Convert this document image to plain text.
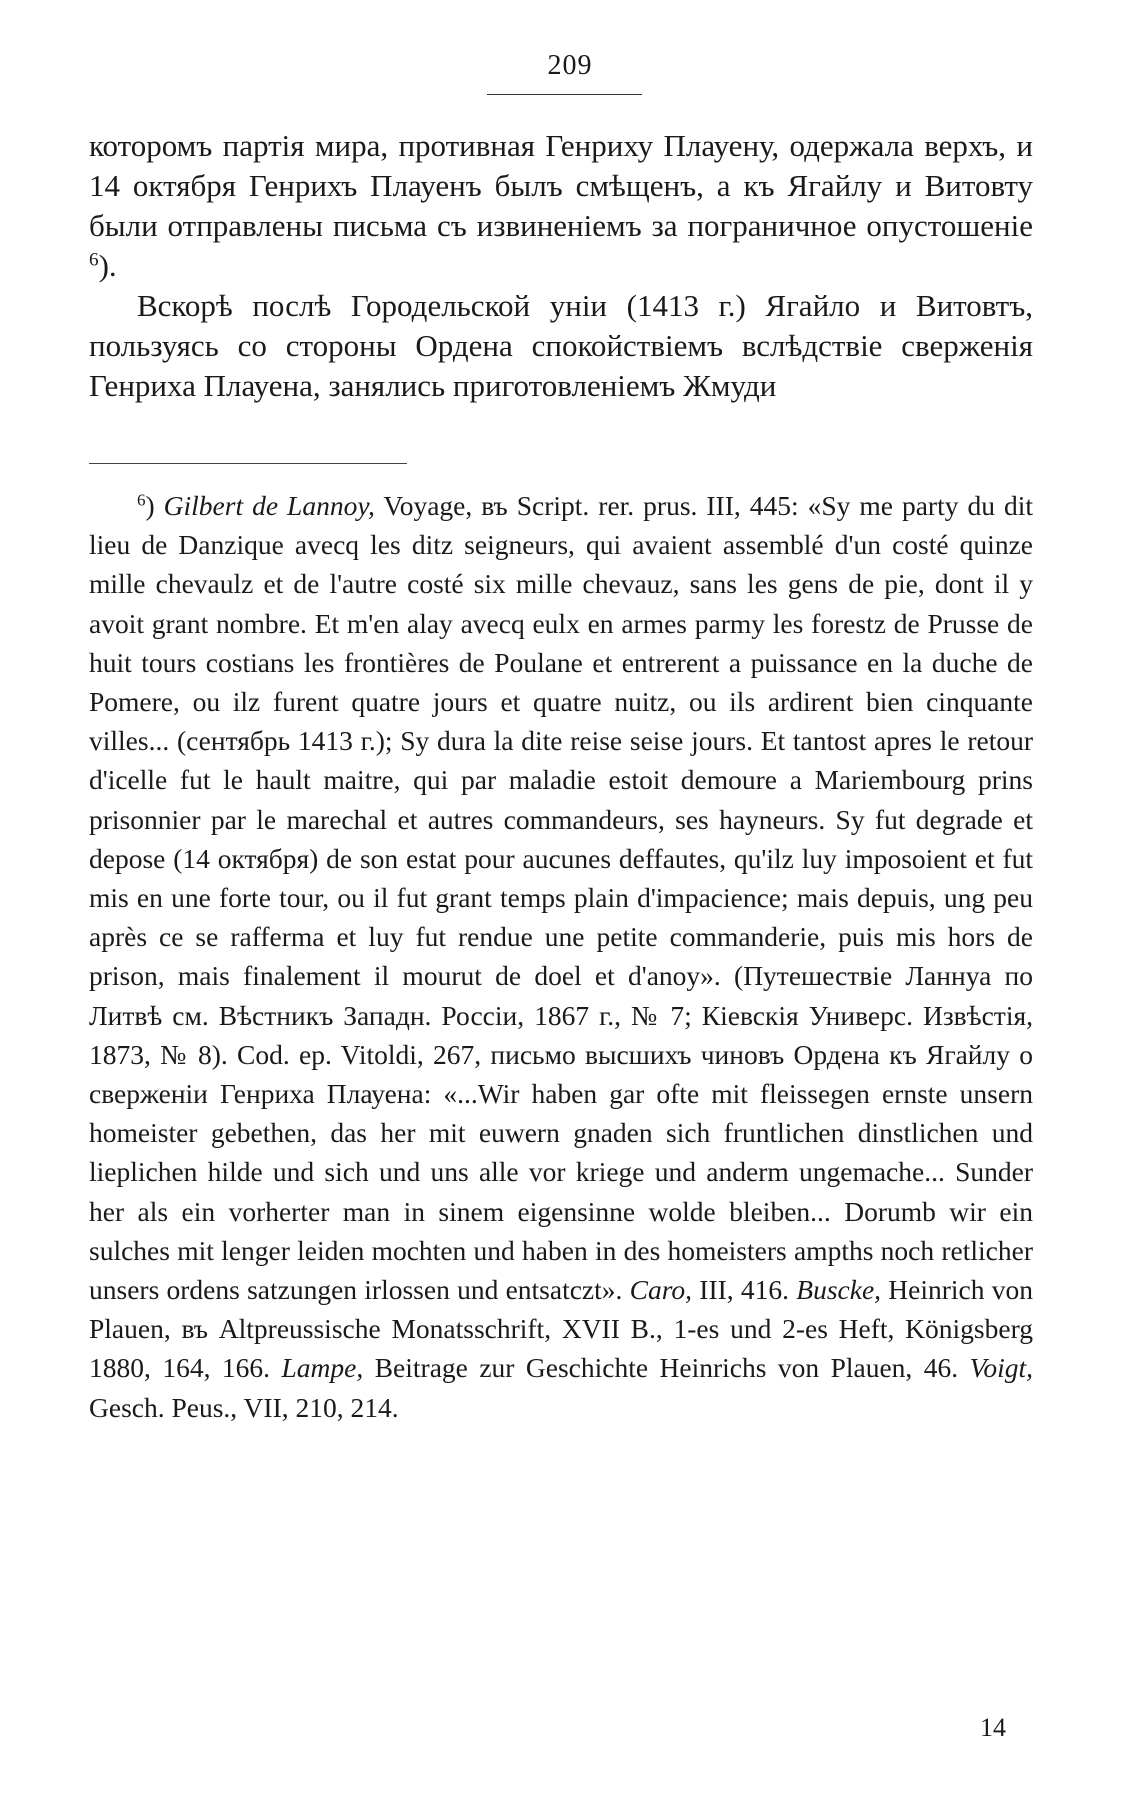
209

которомъ партія мира, противная Генриху Плауену, одержала верхъ, и 14 октября Генрихъ Плауенъ былъ смѣщенъ, а къ Ягайлу и Витовту были отправлены письма съ извиненіемъ за пограничное опустошеніе $^6$).

Вскорѣ послѣ Городельской уніи (1413 г.) Ягайло и Витовтъ, пользуясь со стороны Ордена спокойствіемъ вслѣдствіе сверженія Генриха Плауена, занялись приготовленіемъ Жмуди

$^6$) Gilbert de Lannoy, Voyage, въ Script. rer. prus. III, 445: «Sy me party du dit lieu de Danzique avecq les ditz seigneurs, qui avaient assemblé d'un costé quinze mille chevaulz et de l'autre costé six mille chevauz, sans les gens de pie, dont il y avoit grant nombre. Et m'en alay avecq eulx en armes parmy les forestz de Prusse de huit tours costians les frontières de Poulane et entrerent a puissance en la duche de Pomere, ou ilz furent quatre jours et quatre nuitz, ou ils ardirent bien cinquante villes... (сентябрь 1413 г.); Sy dura la dite reise seise jours. Et tantost apres le retour d'icelle fut le hault maitre, qui par maladie estoit demoure a Mariembourg prins prisonnier par le marechal et autres commandeurs, ses hayneurs. Sy fut degrade et depose (14 октября) de son estat pour aucunes deffautes, qu'ilz luy imposoient et fut mis en une forte tour, ou il fut grant temps plain d'impacience; mais depuis, ung peu après ce se rafferma et luy fut rendue une petite commanderie, puis mis hors de prison, mais finalement il mourut de doel et d'anoy». (Путешествіе Ланнуа по Литвѣ см. Вѣстникъ Западн. Россіи, 1867 г., № 7; Кіевскія Универс. Извѣстія, 1873, № 8). Cod. ep. Vitoldi, 267, письмо высшихъ чиновъ Ордена къ Ягайлу о сверженіи Генриха Плауена: «...Wir haben gar ofte mit fleissegen ernste unsern homeister gebethen, das her mit euwern gnaden sich fruntlichen dinstlichen und lieplichen hilde und sich und uns alle vor kriege und anderm ungemache... Sunder her als ein vorherter man in sinem eigensinne wolde bleiben... Dorumb wir ein sulches mit lenger leiden mochten und haben in des homeisters ampths noch retlicher unsers ordens satzungen irlossen und entsatczt». Caro, III, 416. Buscke, Heinrich von Plauen, въ Altpreussische Monatsschrift, XVII B., 1-es und 2-es Heft, Königsberg 1880, 164, 166. Lampe, Beitrage zur Geschichte Heinrichs von Plauen, 46. Voigt, Gesch. Peus., VII, 210, 214.

14
